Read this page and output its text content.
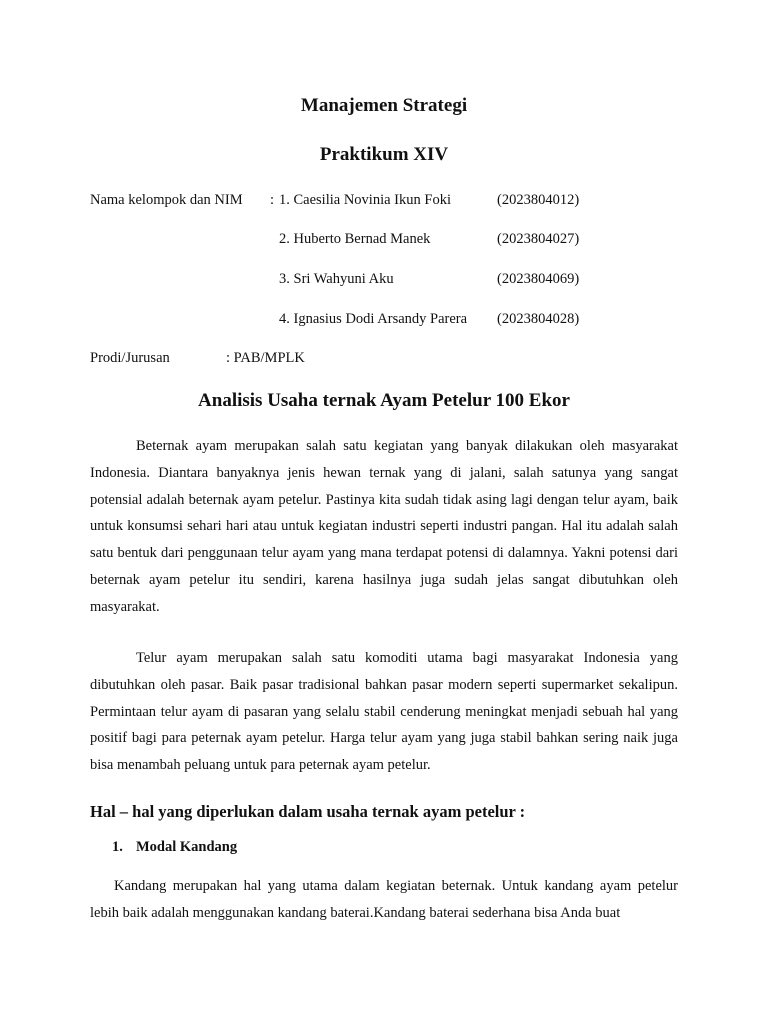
Manajemen Strategi
Praktikum XIV
Nama kelompok dan NIM : 1. Caesilia Novinia Ikun Foki	(2023804012)
2. Huberto Bernad Manek	(2023804027)
3. Sri Wahyuni Aku	(2023804069)
4. Ignasius Dodi Arsandy Parera (2023804028)
Prodi/Jurusan	: PAB/MPLK
Analisis Usaha ternak Ayam Petelur 100 Ekor

Beternak ayam merupakan salah satu kegiatan yang banyak dilakukan oleh masyarakat Indonesia. Diantara banyaknya jenis hewan ternak yang di jalani, salah satunya yang sangat potensial adalah beternak ayam petelur. Pastinya kita sudah tidak asing lagi dengan telur ayam, baik untuk konsumsi sehari hari atau untuk kegiatan industri seperti industri pangan. Hal itu adalah salah satu bentuk dari penggunaan telur ayam yang mana terdapat potensi di dalamnya. Yakni potensi dari beternak ayam petelur itu sendiri, karena hasilnya juga sudah jelas sangat dibutuhkan oleh masyarakat.

Telur ayam merupakan salah satu komoditi utama bagi masyarakat Indonesia yang dibutuhkan oleh pasar. Baik pasar tradisional bahkan pasar modern seperti supermarket sekalipun. Permintaan telur ayam di pasaran yang selalu stabil cenderung meningkat menjadi sebuah hal yang positif bagi para peternak ayam petelur. Harga telur ayam yang juga stabil bahkan sering naik juga bisa menambah peluang untuk para peternak ayam petelur.

Hal – hal yang diperlukan dalam usaha ternak ayam petelur :
1. Modal Kandang

Kandang merupakan hal yang utama dalam kegiatan beternak. Untuk kandang ayam petelur lebih baik adalah menggunakan kandang baterai.Kandang baterai sederhana bisa Anda buat
